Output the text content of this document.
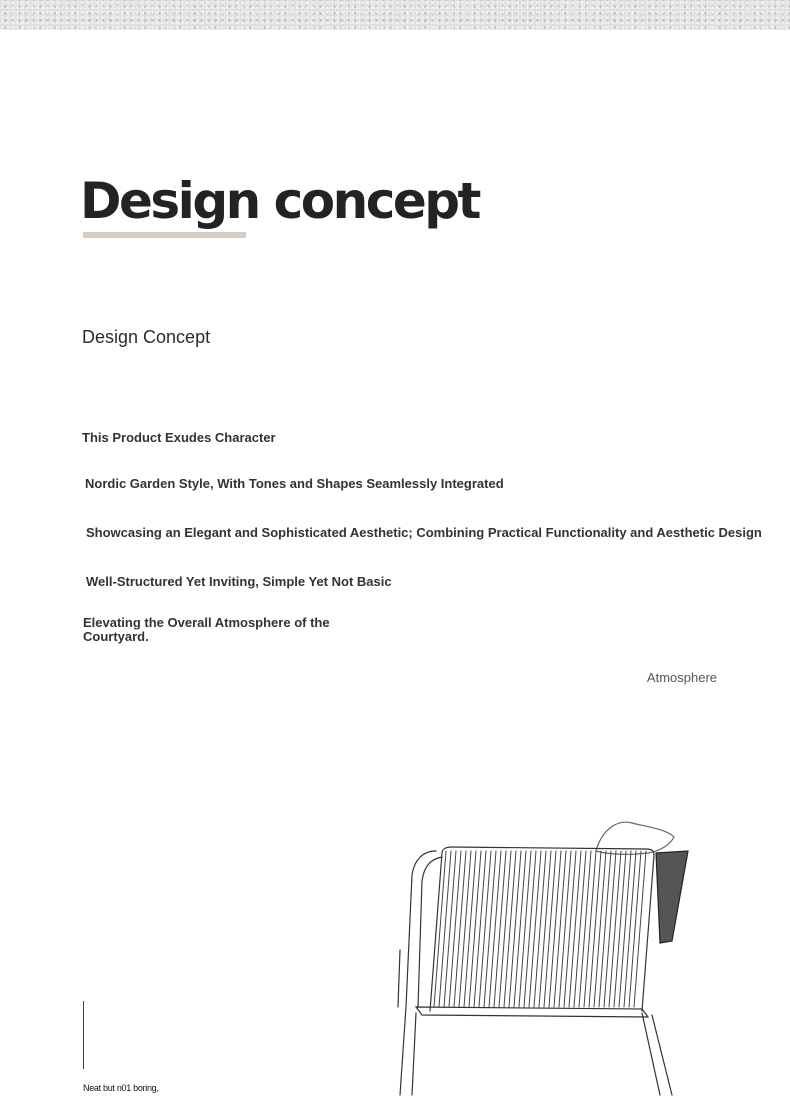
Design concept
Design Concept

This Product Exudes Character

Nordic Garden Style, With Tones and Shapes Seamlessly Integrated

Showcasing an Elegant and Sophisticated Aesthetic; Combining Practical Functionality and Aesthetic Design

Well-Structured Yet Inviting, Simple Yet Not Basic

Elevating the Overall Atmosphere of the Courtyard.

Atmosphere
Neat but n01 boring,
